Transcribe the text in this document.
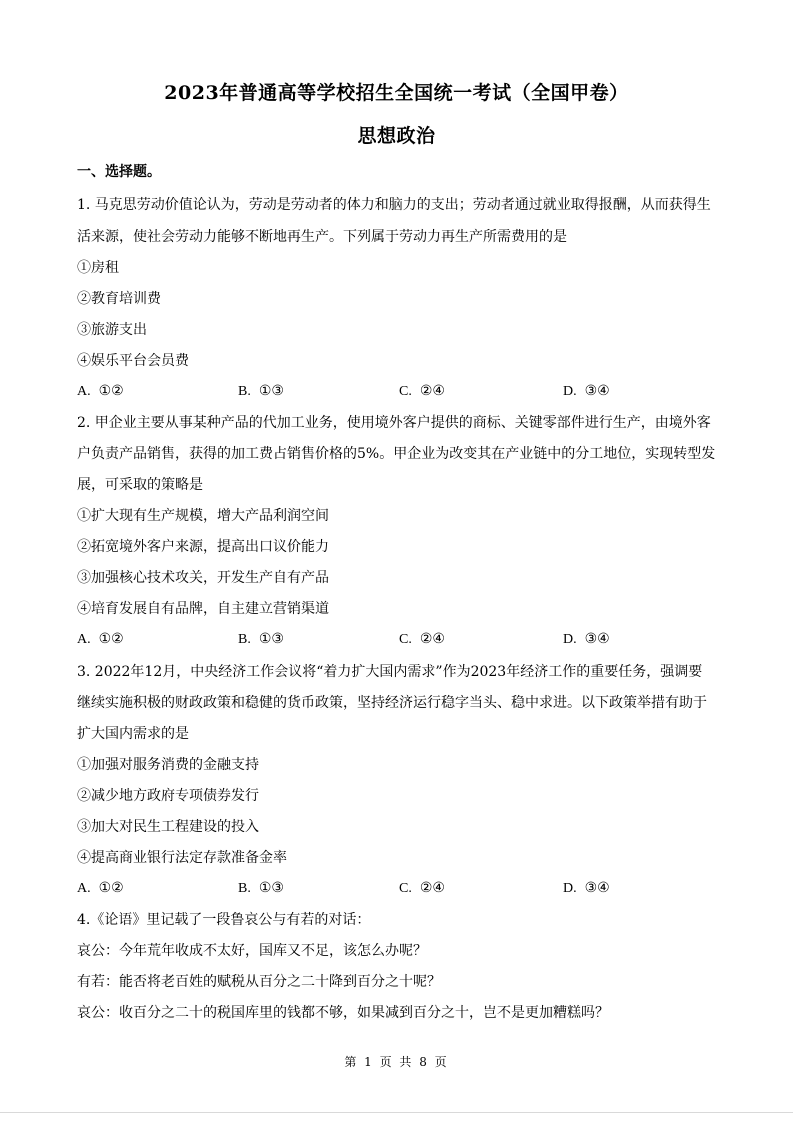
2023年普通高等学校招生全国统一考试（全国甲卷）
思想政治
一、选择题。
1. 马克思劳动价值论认为，劳动是劳动者的体力和脑力的支出；劳动者通过就业取得报酬，从而获得生
活来源，使社会劳动力能够不断地再生产。下列属于劳动力再生产所需费用的是
①房租
②教育培训费
③旅游支出
④娱乐平台会员费
A. ①②	B. ①③	C. ②④	D. ③④
2. 甲企业主要从事某种产品的代加工业务，使用境外客户提供的商标、关键零部件进行生产，由境外客
户负责产品销售，获得的加工费占销售价格的5%。甲企业为改变其在产业链中的分工地位，实现转型发
展，可采取的策略是
①扩大现有生产规模，增大产品利润空间
②拓宽境外客户来源，提高出口议价能力
③加强核心技术攻关，开发生产自有产品
④培育发展自有品牌，自主建立营销渠道
A. ①②	B. ①③	C. ②④	D. ③④
3. 2022年12月，中央经济工作会议将“着力扩大国内需求”作为2023年经济工作的重要任务，强调要
继续实施积极的财政政策和稳健的货币政策，坚持经济运行稳字当头、稳中求进。以下政策举措有助于
扩大国内需求的是
①加强对服务消费的金融支持
②减少地方政府专项债券发行
③加大对民生工程建设的投入
④提高商业银行法定存款准备金率
A. ①②	B. ①③	C. ②④	D. ③④
4.《论语》里记载了一段鲁哀公与有若的对话：
哀公：今年荒年收成不太好，国库又不足，该怎么办呢？
有若：能否将老百姓的赋税从百分之二十降到百分之十呢？
哀公：收百分之二十的税国库里的钱都不够，如果减到百分之十，岂不是更加糟糕吗？
第 1 页 共 8 页
